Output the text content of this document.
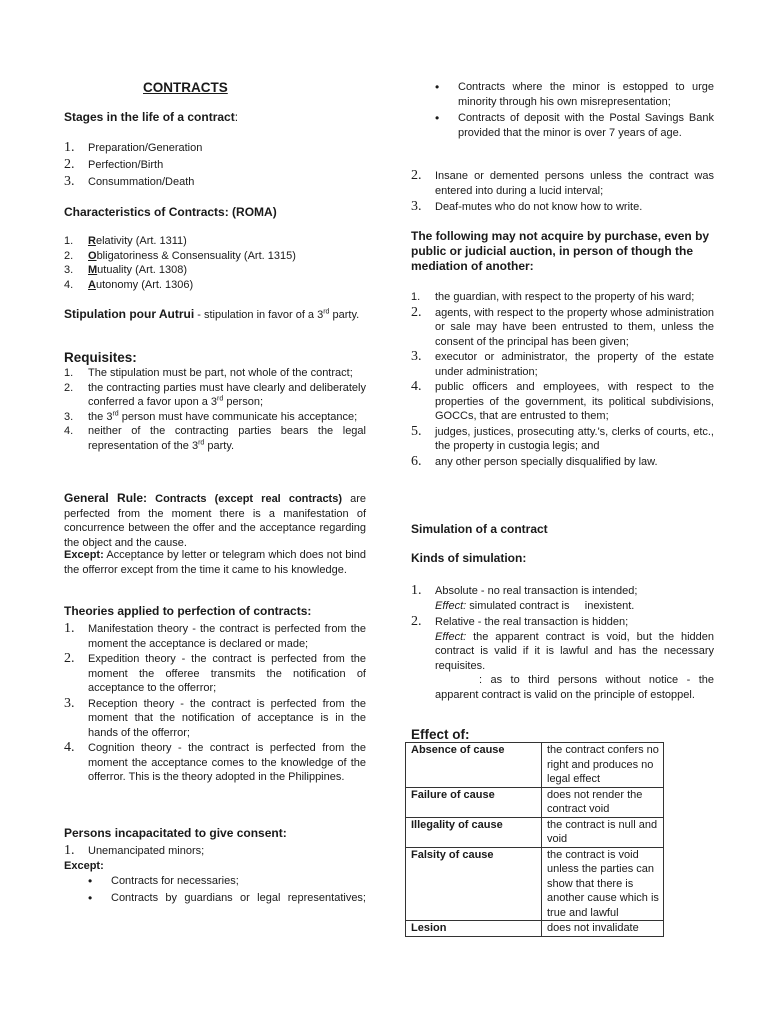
CONTRACTS
Stages in the life of a contract:
1. Preparation/Generation
2. Perfection/Birth
3. Consummation/Death
Characteristics of Contracts: (ROMA)
1. Relativity (Art. 1311)
2. Obligatoriness & Consensuality (Art. 1315)
3. Mutuality (Art. 1308)
4. Autonomy (Art. 1306)
Stipulation pour Autrui - stipulation in favor of a 3rd party.
Requisites:
1. The stipulation must be part, not whole of the contract;
2. the contracting parties must have clearly and deliberately conferred a favor upon a 3rd person;
3. the 3rd person must have communicate his acceptance;
4. neither of the contracting parties bears the legal representation of the 3rd party.
General Rule: Contracts (except real contracts) are perfected from the moment there is a manifestation of concurrence between the offer and the acceptance regarding the object and the cause.
Except: Acceptance by letter or telegram which does not bind the offerror except from the time it came to his knowledge.
Theories applied to perfection of contracts:
1. Manifestation theory - the contract is perfected from the moment the acceptance is declared or made;
2. Expedition theory - the contract is perfected from the moment the offeree transmits the notification of acceptance to the offerror;
3. Reception theory - the contract is perfected from the moment that the notification of acceptance is in the hands of the offerror;
4. Cognition theory - the contract is perfected from the moment the acceptance comes to the knowledge of the offerror. This is the theory adopted in the Philippines.
Persons incapacitated to give consent:
1. Unemancipated minors;
Except:
• Contracts for necessaries;
• Contracts by guardians or legal representatives;
• Contracts where the minor is estopped to urge minority through his own misrepresentation;
• Contracts of deposit with the Postal Savings Bank provided that the minor is over 7 years of age.
2. Insane or demented persons unless the contract was entered into during a lucid interval;
3. Deaf-mutes who do not know how to write.
The following may not acquire by purchase, even by public or judicial auction, in person of though the mediation of another:
1. the guardian, with respect to the property of his ward;
2. agents, with respect to the property whose administration or sale may have been entrusted to them, unless the consent of the principal has been given;
3. executor or administrator, the property of the estate under administration;
4. public officers and employees, with respect to the properties of the government, its political subdivisions, GOCCs, that are entrusted to them;
5. judges, justices, prosecuting atty.'s, clerks of courts, etc., the property in custogia legis; and
6. any other person specially disqualified by law.
Simulation of a contract
Kinds of simulation:
1. Absolute - no real transaction is intended;
Effect: simulated contract is     inexistent.
2. Relative - the real transaction is hidden;
Effect: the apparent contract is void, but the hidden contract is valid if it is lawful and has the necessary requisites.
: as to third persons without notice - the apparent contract is valid on the principle of estoppel.
Effect of:
Absence of cause	the contract confers no right and produces no legal effect
Failure of cause	does not render the contract void
Illegality of cause	the contract is null and void
Falsity of cause	the contract is void unless the parties can show that there is another cause which is true and lawful
Lesion	does not invalidate
